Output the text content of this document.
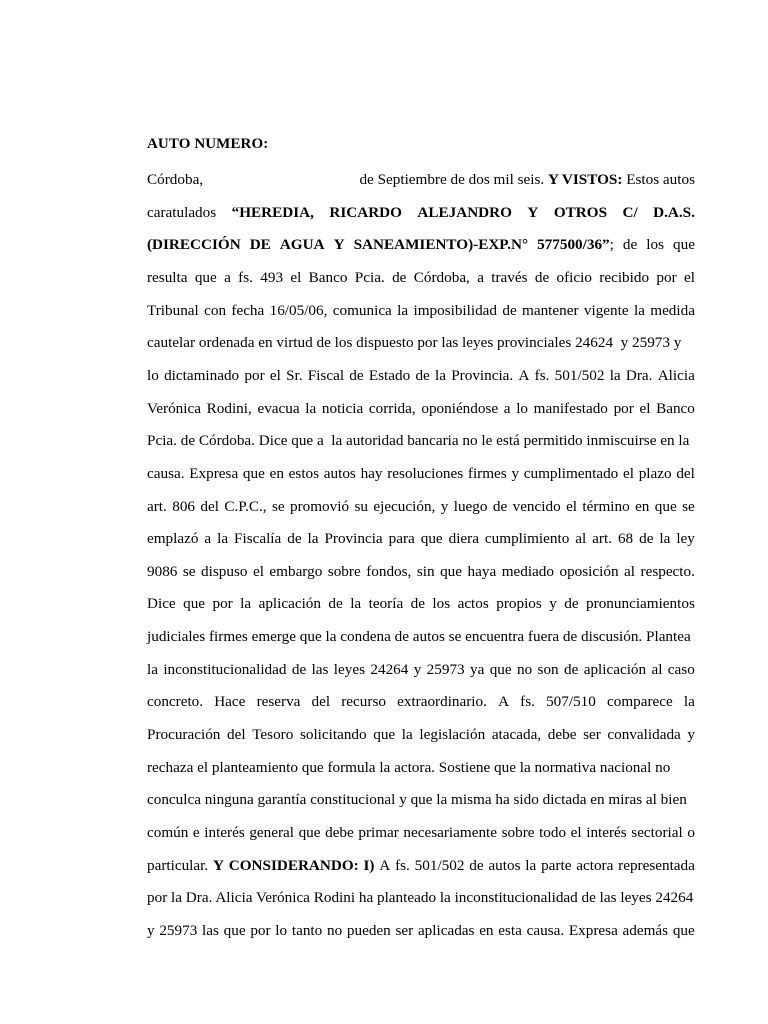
AUTO NUMERO:
Córdoba,	de Septiembre de dos mil seis. Y VISTOS: Estos autos
caratulados “HEREDIA, RICARDO ALEJANDRO Y OTROS C/ D.A.S.
(DIRECCIÓN DE AGUA Y SANEAMIENTO)-EXP.N° 577500/36”; de los que
resulta que a fs. 493 el Banco Pcia. de Córdoba, a través de oficio recibido por el
Tribunal con fecha 16/05/06, comunica la imposibilidad de mantener vigente la medida
cautelar ordenada en virtud de los dispuesto por las leyes provinciales 24624  y 25973 y
lo dictaminado por el Sr. Fiscal de Estado de la Provincia. A fs. 501/502 la Dra. Alicia
Verónica Rodini, evacua la noticia corrida, oponiéndose a lo manifestado por el Banco
Pcia. de Córdoba. Dice que a  la autoridad bancaria no le está permitido inmiscuirse en la
causa. Expresa que en estos autos hay resoluciones firmes y cumplimentado el plazo del
art. 806 del C.P.C., se promovió su ejecución, y luego de vencido el término en que se
emplazó a la Fiscalía de la Provincia para que diera cumplimiento al art. 68 de la ley
9086 se dispuso el embargo sobre fondos, sin que haya mediado oposición al respecto.
Dice que por la aplicación de la teoría de los actos propios y de pronunciamientos
judiciales firmes emerge que la condena de autos se encuentra fuera de discusión. Plantea
la inconstitucionalidad de las leyes 24264 y 25973 ya que no son de aplicación al caso
concreto. Hace reserva del recurso extraordinario. A fs. 507/510 comparece la
Procuración del Tesoro solicitando que la legislación atacada, debe ser convalidada y
rechaza el planteamiento que formula la actora. Sostiene que la normativa nacional no
conculca ninguna garantía constitucional y que la misma ha sido dictada en miras al bien
común e interés general que debe primar necesariamente sobre todo el interés sectorial o
particular. Y CONSIDERANDO: I) A fs. 501/502 de autos la parte actora representada
por la Dra. Alicia Verónica Rodini ha planteado la inconstitucionalidad de las leyes 24264
y 25973 las que por lo tanto no pueden ser aplicadas en esta causa. Expresa además que
